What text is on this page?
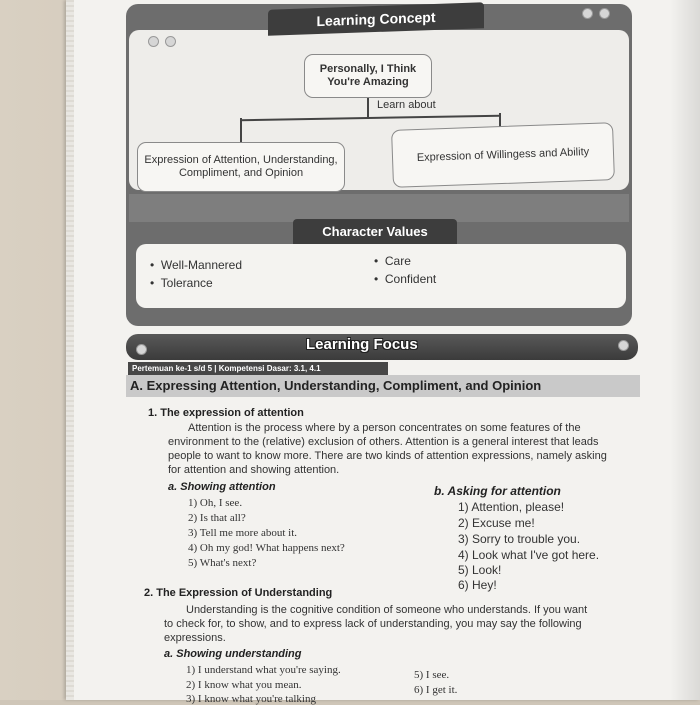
Learning Concept
Personally, I Think You're Amazing
Learn about
Expression of Attention, Understanding, Compliment, and Opinion
Expression of Willingess and Ability
Character Values
•  Well-Mannered
•  Tolerance
•  Care
•  Confident
Learning Focus
Pertemuan ke-1 s/d 5 | Kompetensi Dasar: 3.1, 4.1
A. Expressing Attention, Understanding, Compliment, and Opinion
1. The expression of attention
Attention is the process where by a person concentrates on some features of the
environment to the (relative) exclusion of others. Attention is a general interest that leads
people to want to know more. There are two kinds of attention expressions, namely asking
for attention and showing attention.
a. Showing attention
1) Oh, I see.
2) Is that all?
3) Tell me more about it.
4) Oh my god! What happens next?
5) What's next?
b. Asking for attention
1) Attention, please!
2) Excuse me!
3) Sorry to trouble you.
4) Look what I've got here.
5) Look!
6) Hey!
2. The Expression of Understanding
Understanding is the cognitive condition of someone who understands. If you want
to check for, to show, and to express lack of understanding, you may say the following
expressions.
a. Showing understanding
1) I understand what you're saying.
2) I know what you mean.
3) I know what you're talking
5) I see.
6) I get it.
